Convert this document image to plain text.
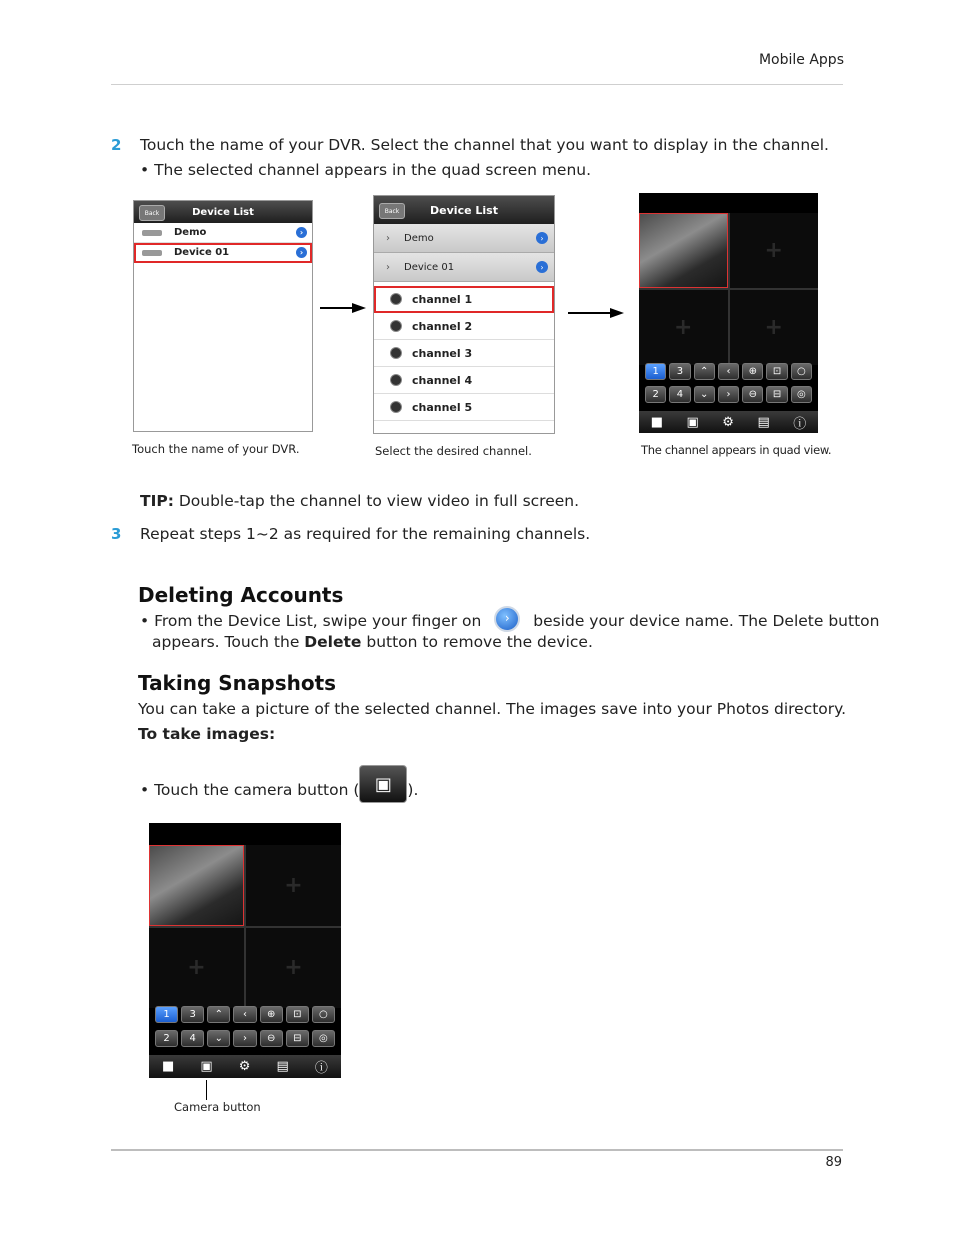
Mobile Apps
2 Touch the name of your DVR. Select the channel that you want to display in the channel.
• The selected channel appears in the quad screen menu.
Back	Device List
Demo	›
Device 01	›
Touch the name of your DVR.
Back	Device List
› Demo	›
› Device 01	›
channel 1
channel 2
channel 3
channel 4
channel 5
Select the desired channel.
+
+	+
1	3	⌃	‹	⊕	⊡	○
2	4	⌄	›	⊖	⊟	◎
■ ▣ ⚙ ▤ ⓘ
The channel appears in quad view.
TIP: Double-tap the channel to view video in full screen.
3 Repeat steps 1~2 as required for the remaining channels.
Deleting Accounts
• From the Device List, swipe your finger on › beside your device name. The Delete button
appears. Touch the Delete button to remove the device.
Taking Snapshots
You can take a picture of the selected channel. The images save into your Photos directory.
To take images:
• Touch the camera button ( ▣	).
+
+	+
1	3	⌃	‹	⊕	⊡	○
2	4	⌄	›	⊖	⊟	◎
■ ▣ ⚙ ▤ ⓘ
Camera button
89
